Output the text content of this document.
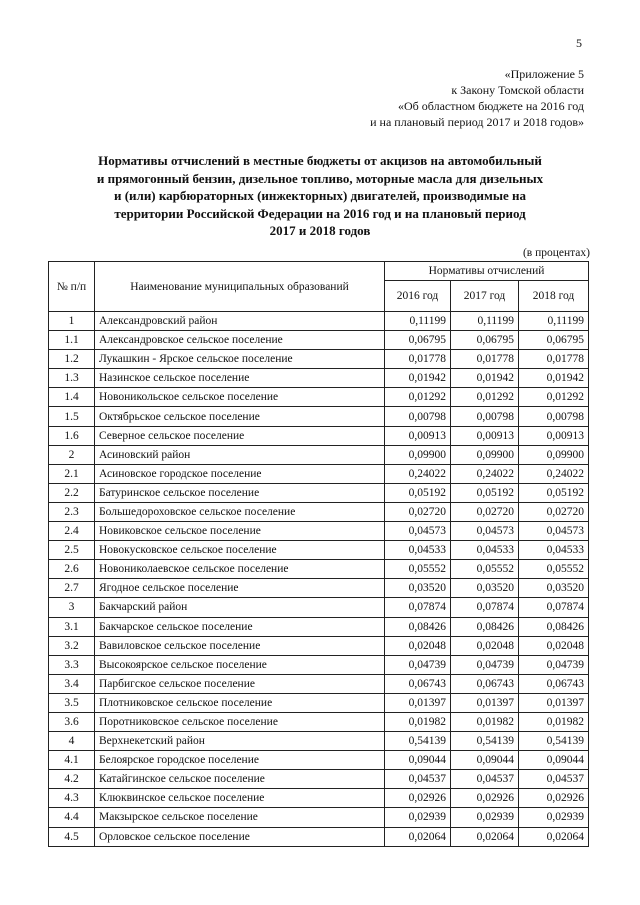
5
«Приложение 5
к Закону Томской области
«Об областном бюджете на 2016 год
и на плановый период 2017 и 2018 годов»
Нормативы отчислений в местные бюджеты от акцизов на автомобильный
и прямогонный бензин, дизельное топливо, моторные масла для дизельных
и (или) карбюраторных (инжекторных) двигателей, производимые на
территории Российской Федерации на 2016 год и на плановый период
2017 и 2018 годов
(в процентах)
№ п/п	Наименование муниципальных образований	Нормативы отчислений		
		2016 год	2017 год	2018 год
1	Александровский район	0,11199	0,11199	0,11199
1.1	Александровское сельское поселение	0,06795	0,06795	0,06795
1.2	Лукашкин - Ярское сельское поселение	0,01778	0,01778	0,01778
1.3	Назинское сельское поселение	0,01942	0,01942	0,01942
1.4	Новоникольское сельское поселение	0,01292	0,01292	0,01292
1.5	Октябрьское сельское поселение	0,00798	0,00798	0,00798
1.6	Северное сельское поселение	0,00913	0,00913	0,00913
2	Асиновский район	0,09900	0,09900	0,09900
2.1	Асиновское городское поселение	0,24022	0,24022	0,24022
2.2	Батуринское сельское поселение	0,05192	0,05192	0,05192
2.3	Большедороховское сельское поселение	0,02720	0,02720	0,02720
2.4	Новиковское сельское поселение	0,04573	0,04573	0,04573
2.5	Новокусковское сельское поселение	0,04533	0,04533	0,04533
2.6	Новониколаевское сельское поселение	0,05552	0,05552	0,05552
2.7	Ягодное сельское поселение	0,03520	0,03520	0,03520
3	Бакчарский район	0,07874	0,07874	0,07874
3.1	Бакчарское сельское поселение	0,08426	0,08426	0,08426
3.2	Вавиловское сельское поселение	0,02048	0,02048	0,02048
3.3	Высокоярское сельское поселение	0,04739	0,04739	0,04739
3.4	Парбигское сельское поселение	0,06743	0,06743	0,06743
3.5	Плотниковское сельское поселение	0,01397	0,01397	0,01397
3.6	Поротниковское сельское поселение	0,01982	0,01982	0,01982
4	Верхнекетский район	0,54139	0,54139	0,54139
4.1	Белоярское городское поселение	0,09044	0,09044	0,09044
4.2	Катайгинское сельское поселение	0,04537	0,04537	0,04537
4.3	Клюквинское сельское поселение	0,02926	0,02926	0,02926
4.4	Макзырское сельское поселение	0,02939	0,02939	0,02939
4.5	Орловское сельское поселение	0,02064	0,02064	0,02064
